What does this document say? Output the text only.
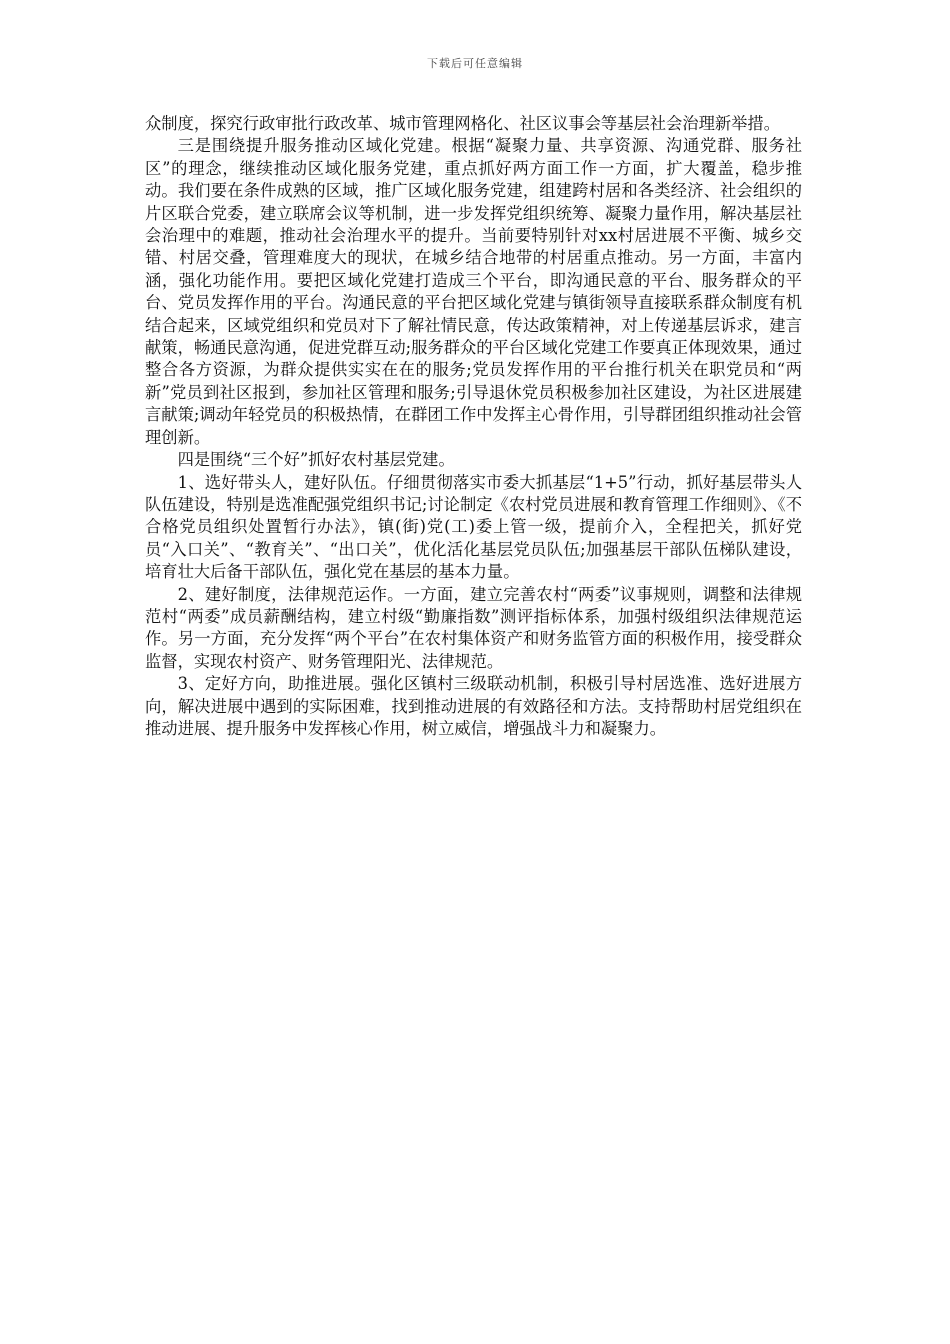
下载后可任意编辑

众制度，探究行政审批行政改革、城市管理网格化、社区议事会等基层社会治理新举措。

三是围绕提升服务推动区域化党建。根据“凝聚力量、共享资源、沟通党群、服务社区”的理念，继续推动区域化服务党建，重点抓好两方面工作一方面，扩大覆盖，稳步推动。我们要在条件成熟的区域，推广区域化服务党建，组建跨村居和各类经济、社会组织的片区联合党委，建立联席会议等机制，进一步发挥党组织统筹、凝聚力量作用，解决基层社会治理中的难题，推动社会治理水平的提升。当前要特别针对xx村居进展不平衡、城乡交错、村居交叠，管理难度大的现状，在城乡结合地带的村居重点推动。另一方面，丰富内涵，强化功能作用。要把区域化党建打造成三个平台，即沟通民意的平台、服务群众的平台、党员发挥作用的平台。沟通民意的平台把区域化党建与镇街领导直接联系群众制度有机结合起来，区域党组织和党员对下了解社情民意，传达政策精神，对上传递基层诉求，建言献策，畅通民意沟通，促进党群互动;服务群众的平台区域化党建工作要真正体现效果，通过整合各方资源，为群众提供实实在在的服务;党员发挥作用的平台推行机关在职党员和“两新”党员到社区报到，参加社区管理和服务;引导退休党员积极参加社区建设，为社区进展建言献策;调动年轻党员的积极热情，在群团工作中发挥主心骨作用，引导群团组织推动社会管理创新。

四是围绕“三个好”抓好农村基层党建。

1、选好带头人，建好队伍。仔细贯彻落实市委大抓基层“1+5”行动，抓好基层带头人队伍建设，特别是选准配强党组织书记;讨论制定《农村党员进展和教育管理工作细则》、《不合格党员组织处置暂行办法》，镇(街)党(工)委上管一级，提前介入，全程把关，抓好党员“入口关”、“教育关”、“出口关”，优化活化基层党员队伍;加强基层干部队伍梯队建设，培育壮大后备干部队伍，强化党在基层的基本力量。

2、建好制度，法律规范运作。一方面，建立完善农村“两委”议事规则，调整和法律规范村“两委”成员薪酬结构，建立村级“勤廉指数”测评指标体系，加强村级组织法律规范运作。另一方面，充分发挥“两个平台”在农村集体资产和财务监管方面的积极作用，接受群众监督，实现农村资产、财务管理阳光、法律规范。

3、定好方向，助推进展。强化区镇村三级联动机制，积极引导村居选准、选好进展方向，解决进展中遇到的实际困难，找到推动进展的有效路径和方法。支持帮助村居党组织在推动进展、提升服务中发挥核心作用，树立威信，增强战斗力和凝聚力。
